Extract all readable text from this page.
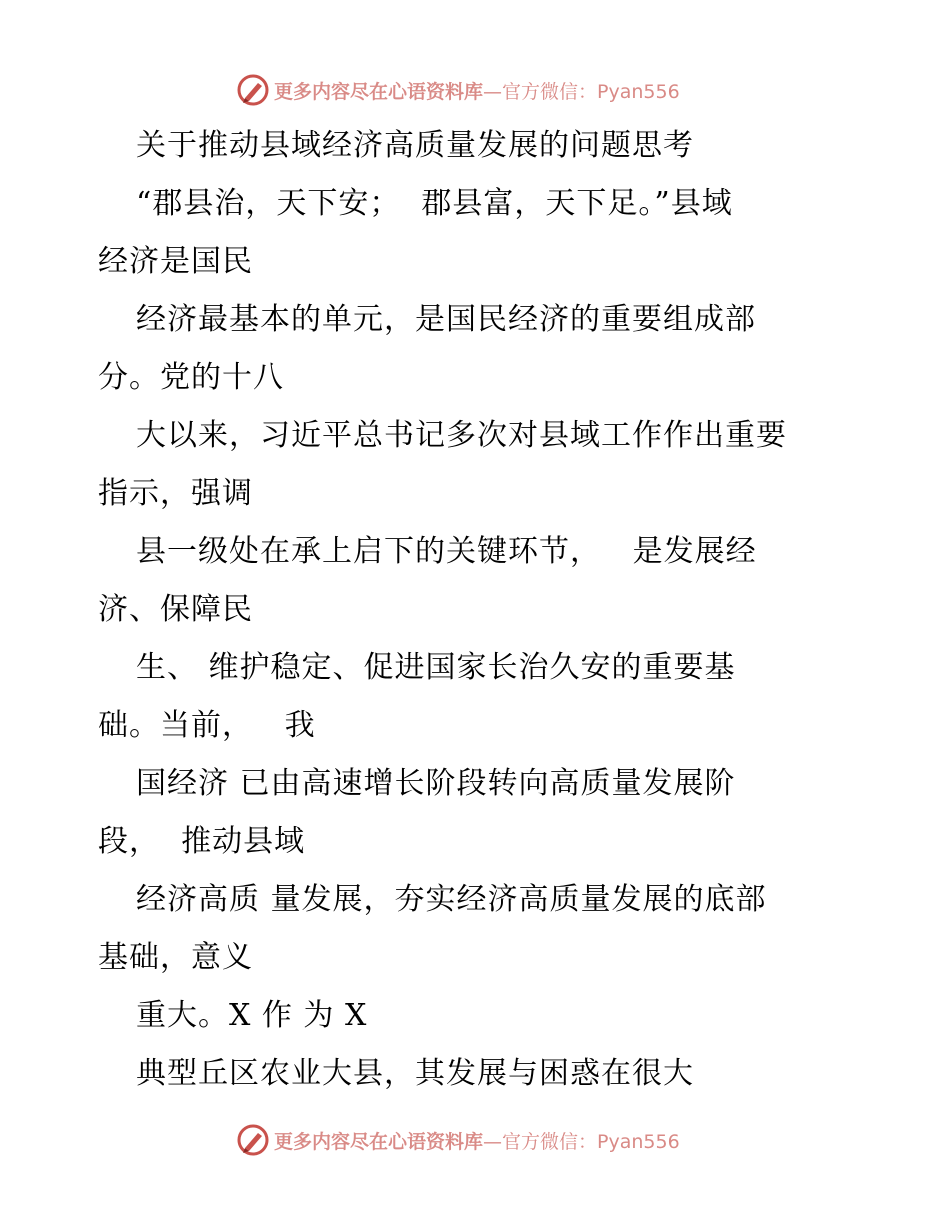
更多内容尽在心语资料库 —官方微信：Pyan556
关于推动县域经济高质量发展的问题思考
“郡县治，天下安；  郡县富，天下足。”县域
经济是国民
经济最基本的单元，是国民经济的重要组成部
分。党的十八
大以来，习近平总书记多次对县域工作作出重要
指示，强调
县一级处在承上启下的关键环节，   是发展经
济、保障民
生、 维护稳定、促进国家长治久安的重要基
础。当前，   我
国经济 已由高速增长阶段转向高质量发展阶
段，  推动县域
经济高质 量发展，夯实经济高质量发展的底部
基础，意义
重大。X 作 为 X
典型丘区农业大县，其发展与困惑在很大
更多内容尽在心语资料库 —官方微信：Pyan556
